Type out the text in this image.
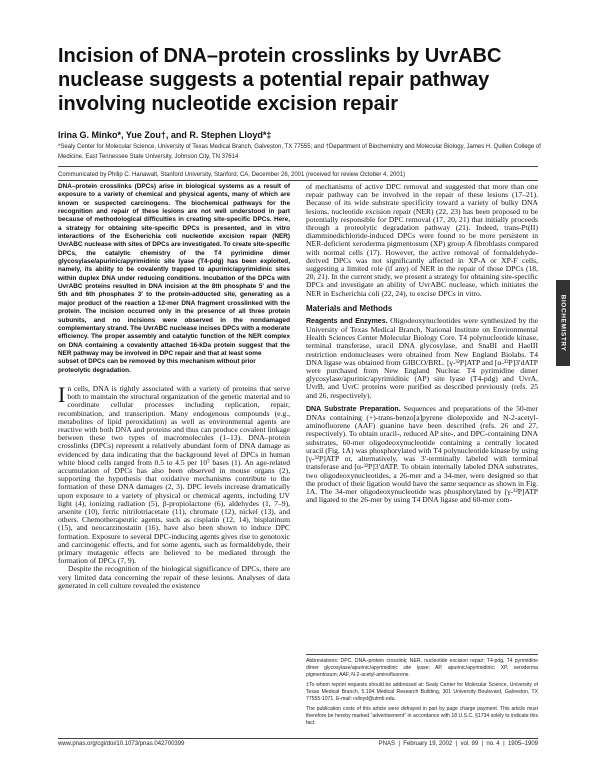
Incision of DNA–protein crosslinks by UvrABC nuclease suggests a potential repair pathway involving nucleotide excision repair

Irina G. Minko*, Yue Zou†, and R. Stephen Lloyd*‡

*Sealy Center for Molecular Science, University of Texas Medical Branch, Galveston, TX 77555; and †Department of Biochemistry and Molecular Biology, James H. Quillen College of Medicine, East Tennessee State University, Johnson City, TN 37614

Communicated by Philip C. Hanawalt, Stanford University, Stanford, CA, December 26, 2001 (received for review October 4, 2001)

DNA–protein crosslinks (DPCs) arise in biological systems as a result of exposure to a variety of chemical and physical agents, many of which are known or suspected carcinogens. The biochemical pathways for the recognition and repair of these lesions are not well understood in part because of methodological difficulties in creating site-specific DPCs. Here, a strategy for obtaining site-specific DPCs is presented, and in vitro interactions of the Escherichia coli nucleotide excision repair (NER) UvrABC nuclease with sites of DPCs are investigated. To create site-specific DPCs, the catalytic chemistry of the T4 pyrimidine dimer glycosylase/apurinic/apyrimidinic site lyase (T4-pdg) has been exploited, namely, its ability to be covalently trapped to apurinic/apyrimidinic sites within duplex DNA under reducing conditions. Incubation of the DPCs with UvrABC proteins resulted in DNA incision at the 8th phosphate 5′ and the 5th and 6th phosphates 3′ to the protein-adducted site, generating as a major product of the reaction a 12-mer DNA fragment crosslinked with the protein. The incision occurred only in the presence of all three protein subunits, and no incisions were observed in the nondamaged complementary strand. The UvrABC nuclease incises DPCs with a moderate efficiency. The proper assembly and catalytic function of the NER complex on DNA containing a covalently attached 16-kDa protein suggest that the NER pathway may be involved in DPC repair and that at least some

subset of DPCs can be removed by this mechanism without prior proteolytic degradation.

In cells, DNA is tightly associated with a variety of proteins that serve both to maintain the structural organization of the genetic material and to coordinate cellular processes including replication, repair, recombination, and transcription. Many endogenous compounds (e.g., metabolites of lipid peroxidation) as well as environmental agents are reactive with both DNA and proteins and thus can produce covalent linkage between these two types of macromolecules (1–13). DNA–protein crosslinks (DPCs) represent a relatively abundant form of DNA damage as evidenced by data indicating that the background level of DPCs in human white blood cells ranged from 0.5 to 4.5 per 10⁷ bases (1). An age-related accumulation of DPCs has also been observed in mouse organs (2), supporting the hypothesis that oxidative mechanisms contribute to the formation of these DNA damages (2, 3). DPC levels increase dramatically upon exposure to a variety of physical or chemical agents, including UV light (4), ionizing radiation (5), β-propiolactone (6), aldehydes (1, 7–9), arsenite (10), ferric nitrilotriacetate (11), chromate (12), nickel (13), and others. Chemotherapeutic agents, such as cisplatin (12, 14), bisplatinum (15), and neocarzinostatin (16), have also been shown to induce DPC formation. Exposure to several DPC-inducing agents gives rise to genotoxic and carcinogenic effects, and for some agents, such as formaldehyde, their primary mutagenic effects are believed to be mediated through the formation of DPCs (7, 9).

Despite the recognition of the biological significance of DPCs, there are very limited data concerning the repair of these lesions. Analyses of data generated in cell culture revealed the existence

of mechanisms of active DPC removal and suggested that more than one repair pathway can be involved in the repair of these lesions (17–21). Because of its wide substrate specificity toward a variety of bulky DNA lesions, nucleotide excision repair (NER) (22, 23) has been proposed to be potentially responsible for DPC removal (17, 20, 21) that initially proceeds through a proteolytic degradation pathway (21). Indeed, trans-Pt(II) diamminedichloride-induced DPCs were found to be more persistent in NER-deficient xeroderma pigmentosum (XP) group A fibroblasts compared with normal cells (17). However, the active removal of formaldehyde-derived DPCs was not significantly affected in XP-A or XP-F cells, suggesting a limited role (if any) of NER in the repair of those DPCs (18, 20, 21). In the current study, we present a strategy for obtaining site-specific DPCs and investigate an ability of UvrABC nuclease, which initiates the NER in Escherichia coli (22, 24), to excise DPCs in vitro.

Materials and Methods

Reagents and Enzymes. Oligodeoxynucleotides were synthesized by the University of Texas Medical Branch, National Institute on Environmental Health Sciences Center Molecular Biology Core. T4 polynucleotide kinase, terminal transferase, uracil DNA glycosylase, and SnaBI and HaeIII restriction endonucleases were obtained from New England Biolabs. T4 DNA ligase was obtained from GIBCO/BRL. [γ-³²P]ATP and [α-³²P]3′dATP were purchased from New England Nuclear. T4 pyrimidine dimer glycosylase/apurinic/apyrimidinic (AP) site lyase (T4-pdg) and UvrA, UvrB, and UvrC proteins were purified as described previously (refs. 25 and 26, respectively).

DNA Substrate Preparation. Sequences and preparations of the 50-mer DNAs containing (+)-trans-benzo[a]pyrene diolepoxide and N-2-acetyl-aminofluorene (AAF) guanine have been described (refs. 26 and 27, respectively). To obtain uracil-, reduced AP site-, and DPC-containing DNA substrates, 60-mer oligodeoxynucleotide containing a centrally located uracil (Fig. 1A) was phosphorylated with T4 polynucleotide kinase by using [γ-³²P]ATP or, alternatively, was 3′-terminally labeled with terminal transferase and [α-³²P]3′dATP. To obtain internally labeled DNA substrates, two oligodeoxynucleotides, a 26-mer and a 34-mer, were designed so that the product of their ligation would have the same sequence as shown in Fig. 1A. The 34-mer oligodeoxynucleotide was phosphorylated by [γ-³²P]ATP and ligated to the 26-mer by using T4 DNA ligase and 60-mer com-

Abbreviations: DPC, DNA–protein crosslink; NER, nucleotide excision repair; T4-pdg, T4 pyrimidine dimer glycosylase/apurinic/apyrimidinic site lyase; AP, apurinic/apyrimidinic; XP, xeroderma pigmentosum; AAF, N-2-acetyl-aminofluorene.

‡To whom reprint requests should be addressed at: Sealy Center for Molecular Science, University of Texas Medical Branch, 5.104 Medical Research Building, 301 University Boulevard, Galveston, TX 77555-1071. E-mail: rslloyd@utmb.edu.

The publication costs of this article were defrayed in part by page charge payment. This article must therefore be hereby marked “advertisement” in accordance with 18 U.S.C. §1734 solely to indicate this fact.

BIOCHEMISTRY
www.pnas.org/cgi/doi/10.1073/pnas.042700399	PNAS  |  February 19, 2002  |  vol. 99  |  no. 4  |  1905–1909
